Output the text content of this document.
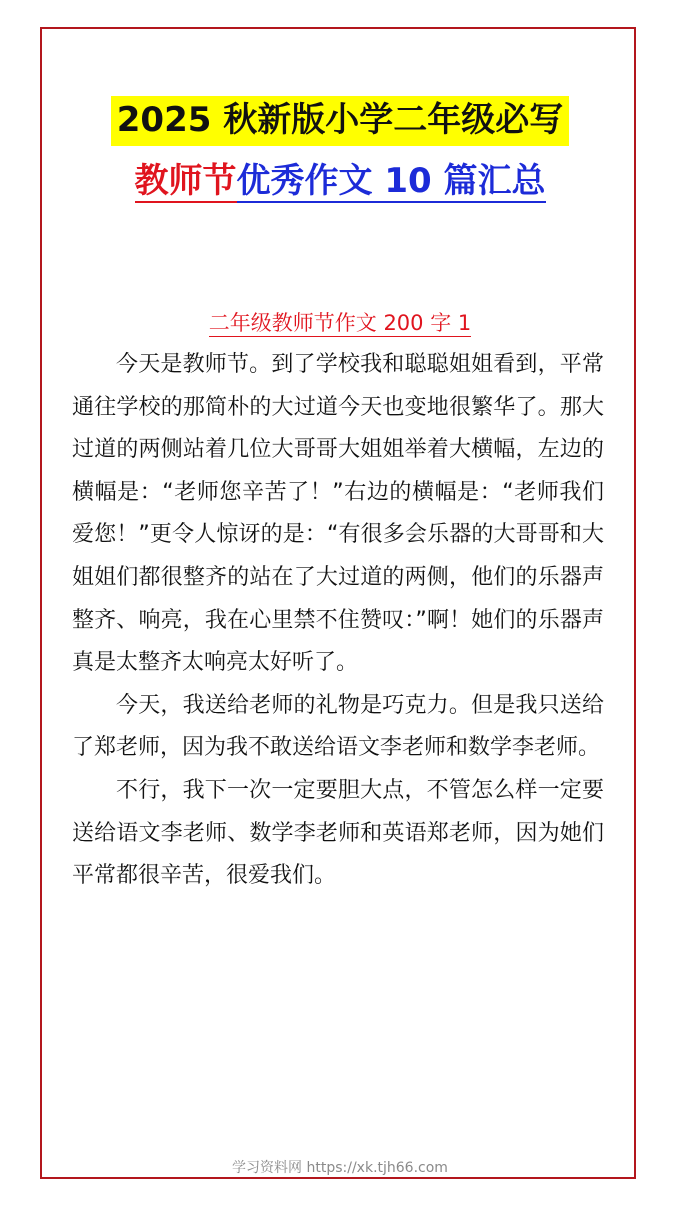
2025 秋新版小学二年级必写
教师节优秀作文 10 篇汇总
二年级教师节作文 200 字 1

今天是教师节。到了学校我和聪聪姐姐看到，平常通往学校的那简朴的大过道今天也变地很繁华了。那大过道的两侧站着几位大哥哥大姐姐举着大横幅，左边的横幅是：“老师您辛苦了！”右边的横幅是：“老师我们爱您！”更令人惊讶的是：“有很多会乐器的大哥哥和大姐姐们都很整齐的站在了大过道的两侧，他们的乐器声整齐、响亮，我在心里禁不住赞叹：”啊！她们的乐器声真是太整齐太响亮太好听了。

今天，我送给老师的礼物是巧克力。但是我只送给了郑老师，因为我不敢送给语文李老师和数学李老师。

不行，我下一次一定要胆大点，不管怎么样一定要送给语文李老师、数学李老师和英语郑老师，因为她们平常都很辛苦，很爱我们。

学习资料网 https://xk.tjh66.com
